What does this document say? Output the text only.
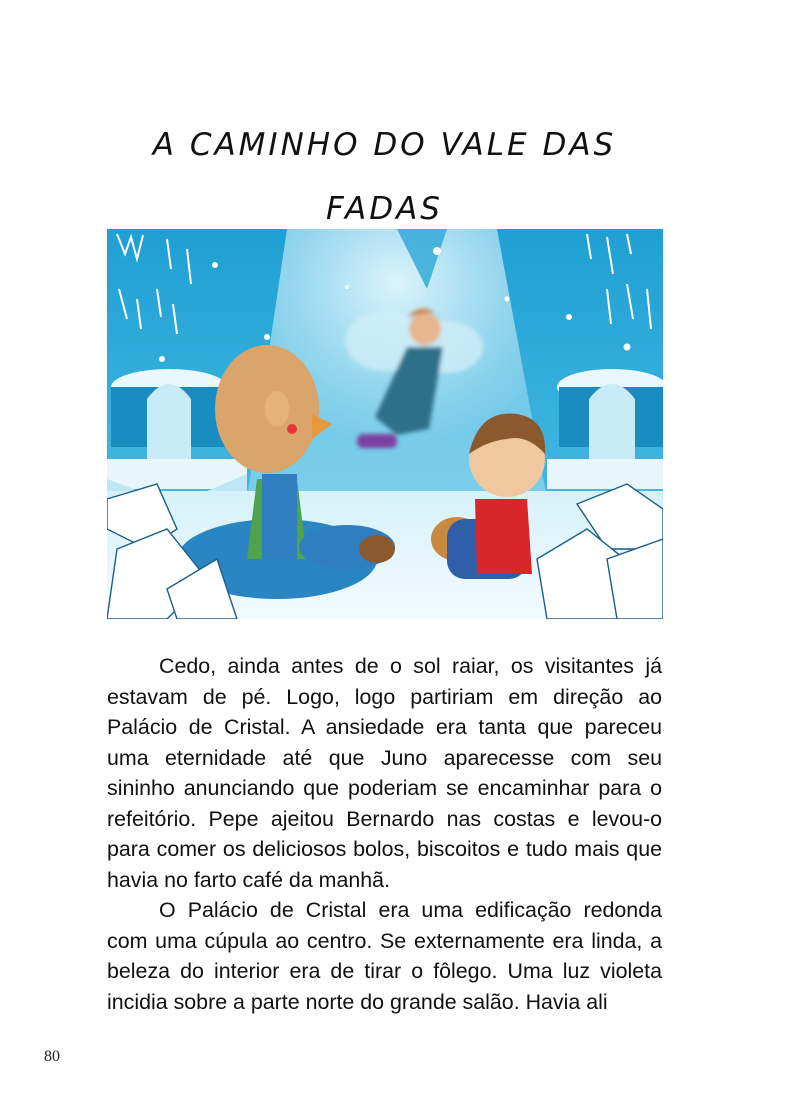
A CAMINHO DO VALE DAS FADAS

Cedo, ainda antes de o sol raiar, os visitantes já estavam de pé. Logo, logo partiriam em direção ao Palácio de Cristal. A ansiedade era tanta que pareceu uma eternidade até que Juno aparecesse com seu sininho anunciando que poderiam se encaminhar para o refeitório. Pepe ajeitou Bernardo nas costas e levou-o para comer os deliciosos bolos, biscoitos e tudo mais que havia no farto café da manhã.

O Palácio de Cristal era uma edificação redonda com uma cúpula ao centro. Se externamente era linda, a beleza do interior era de tirar o fôlego. Uma luz violeta incidia sobre a parte norte do grande salão. Havia ali

80
